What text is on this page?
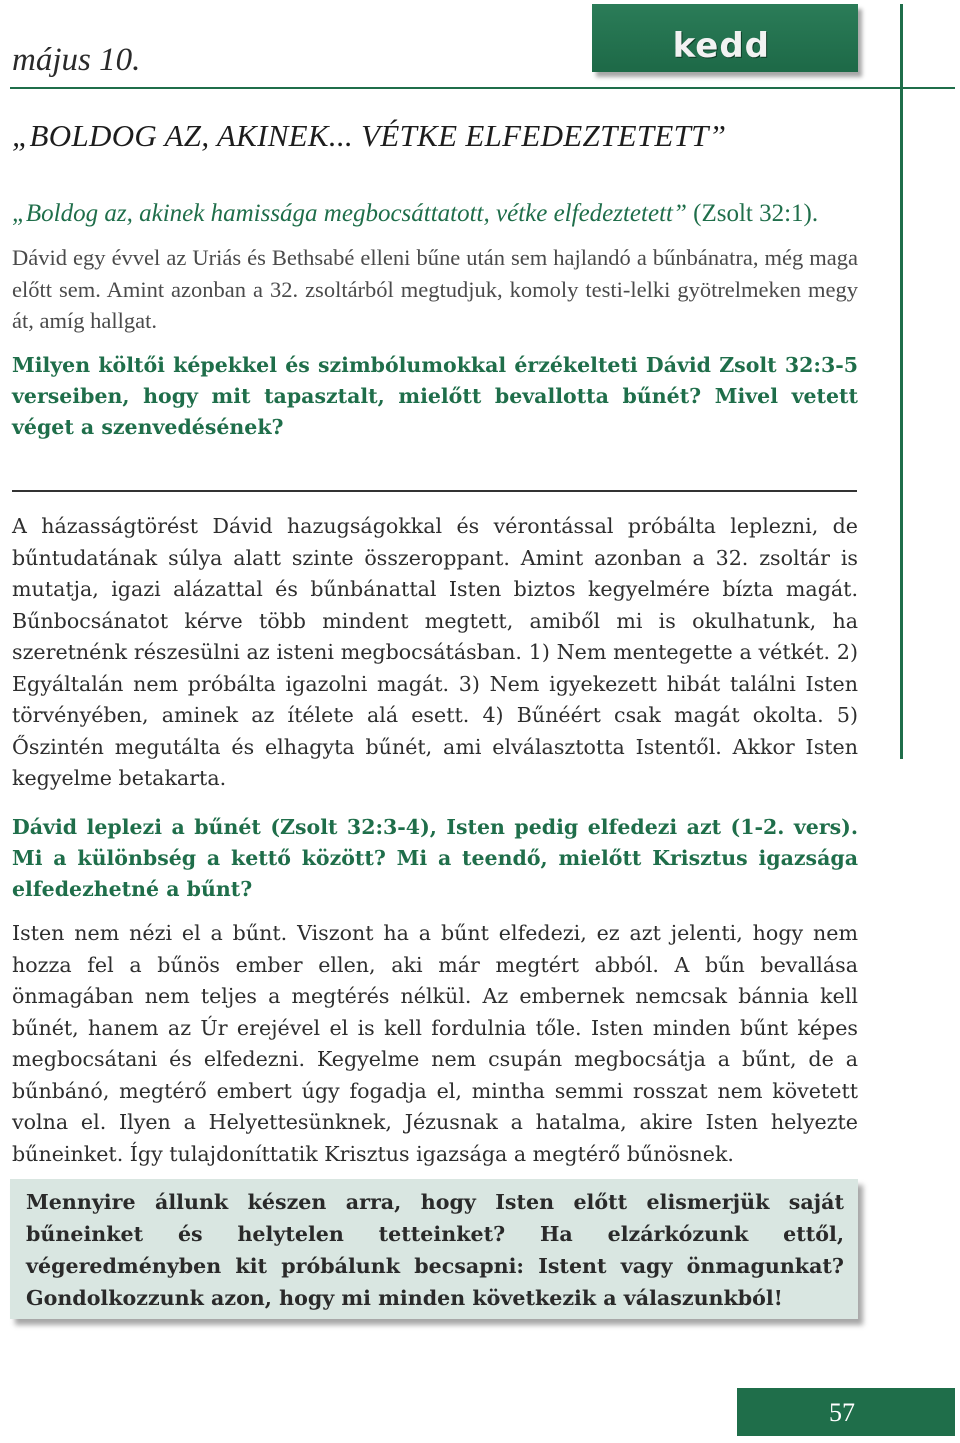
május 10.	kedd
„BOLDOG AZ, AKINEK... VÉTKE ELFEDEZTETETT”
„Boldog az, akinek hamissága megbocsáttatott, vétke elfedeztetett” (Zsolt 32:1).

Dávid egy évvel az Uriás és Bethsabé elleni bűne után sem hajlandó a bűnbánatra, még maga előtt sem. Amint azonban a 32. zsoltárból megtudjuk, komoly testi-lelki gyötrelmeken megy át, amíg hallgat.

Milyen költői képekkel és szimbólumokkal érzékelteti Dávid Zsolt 32:3-5 verseiben, hogy mit tapasztalt, mielőtt bevallotta bűnét? Mivel vetett véget a szenvedésének?

A házasságtörést Dávid hazugságokkal és vérontással próbálta leplezni, de bűntudatának súlya alatt szinte összeroppant. Amint azonban a 32. zsoltár is mutatja, igazi alázattal és bűnbánattal Isten biztos kegyelmére bízta magát. Bűnbocsánatot kérve több mindent megtett, amiből mi is okulhatunk, ha szeretnénk részesülni az isteni megbocsátásban. 1) Nem mentegette a vétkét. 2) Egyáltalán nem próbálta igazolni magát. 3) Nem igyekezett hibát találni Isten törvényében, aminek az ítélete alá esett. 4) Bűnéért csak magát okolta. 5) Őszintén megutálta és elhagyta bűnét, ami elválasztotta Istentől. Akkor Isten kegyelme betakarta.

Dávid leplezi a bűnét (Zsolt 32:3-4), Isten pedig elfedezi azt (1-2. vers). Mi a különbség a kettő között? Mi a teendő, mielőtt Krisztus igazsága elfedezhetné a bűnt?

Isten nem nézi el a bűnt. Viszont ha a bűnt elfedezi, ez azt jelenti, hogy nem hozza fel a bűnös ember ellen, aki már megtért abból. A bűn bevallása önmagában nem teljes a megtérés nélkül. Az embernek nemcsak bánnia kell bűnét, hanem az Úr erejével el is kell fordulnia tőle. Isten minden bűnt képes megbocsátani és elfedezni. Kegyelme nem csupán megbocsátja a bűnt, de a bűnbánó, megtérő embert úgy fogadja el, mintha semmi rosszat nem követett volna el. Ilyen a Helyettesünknek, Jézusnak a hatalma, akire Isten helyezte bűneinket. Így tulajdoníttatik Krisztus igazsága a megtérő bűnösnek.

Mennyire állunk készen arra, hogy Isten előtt elismerjük saját bűneinket és helytelen tetteinket? Ha elzárkózunk ettől, végeredményben kit próbálunk becsapni: Istent vagy önmagunkat? Gondolkozzunk azon, hogy mi minden következik a válaszunkból!

57
